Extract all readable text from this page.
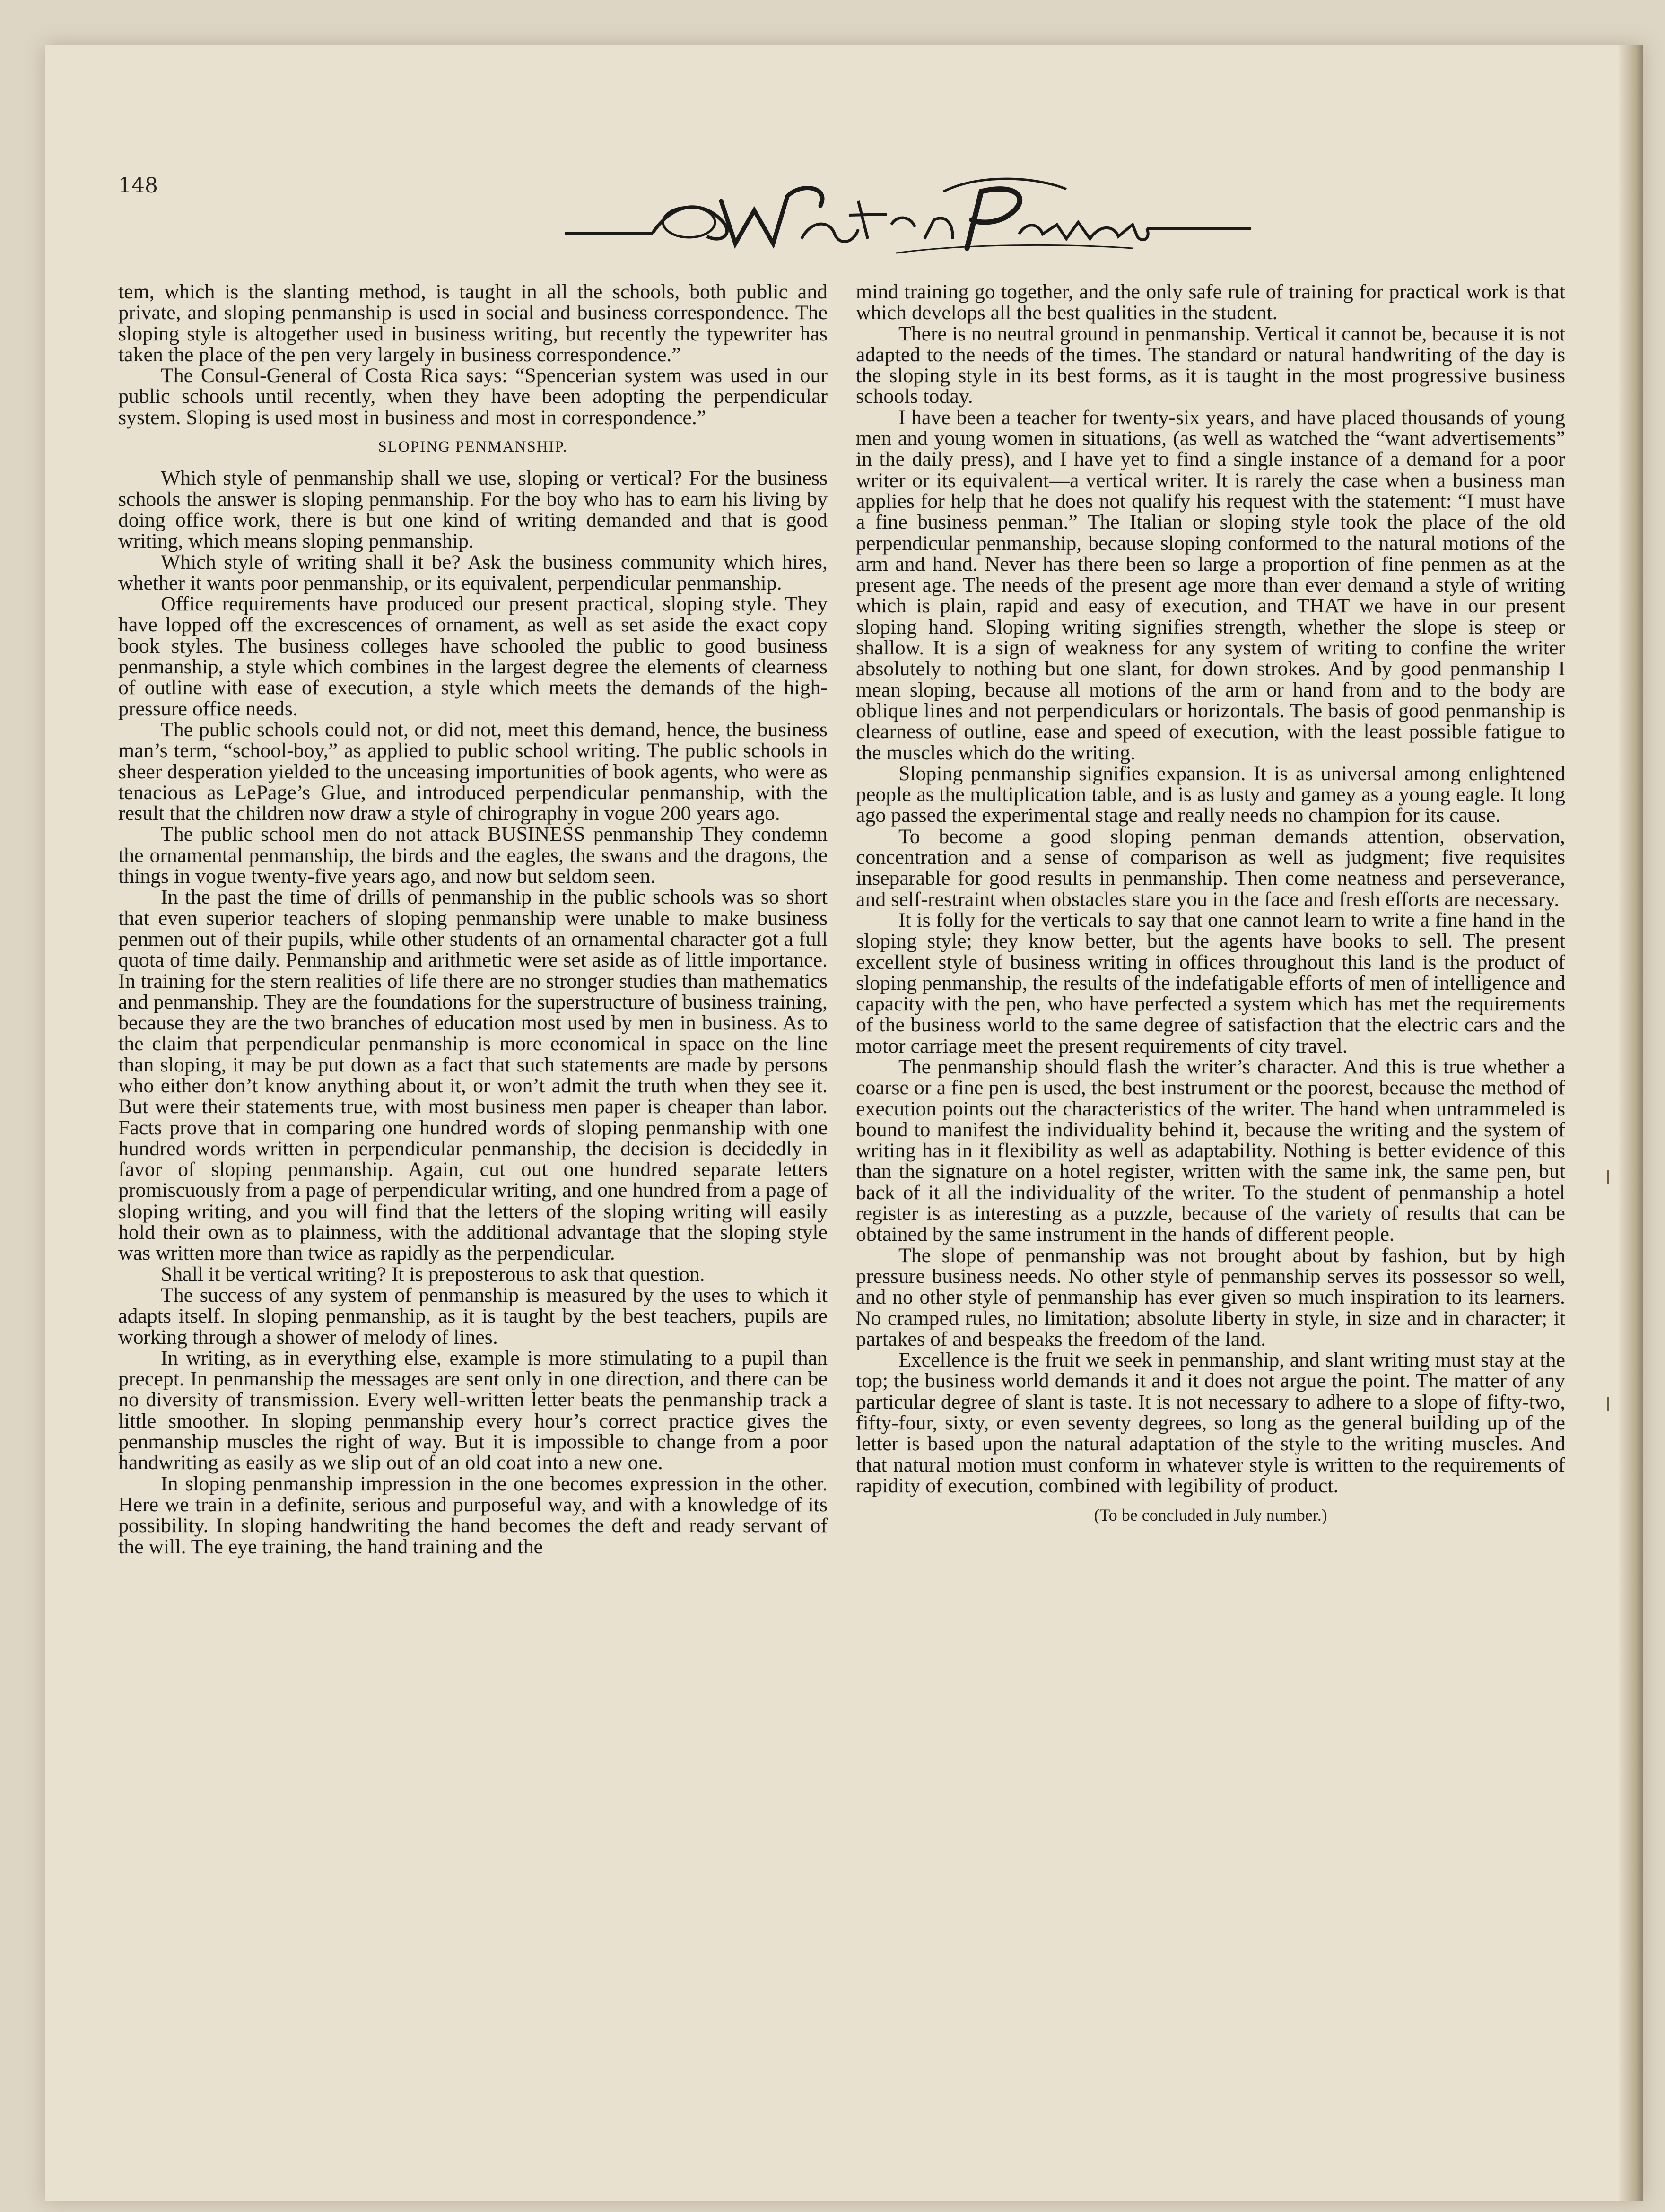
148

tem, which is the slanting method, is taught in all the schools, both public and private, and sloping penmanship is used in social and business correspondence. The sloping style is altogether used in business writing, but recently the typewriter has taken the place of the pen very largely in business correspondence.”

The Consul-General of Costa Rica says: “Spencerian system was used in our public schools until recently, when they have been adopting the perpendicular system. Sloping is used most in business and most in correspondence.”

SLOPING PENMANSHIP.

Which style of penmanship shall we use, sloping or vertical? For the business schools the answer is sloping penmanship. For the boy who has to earn his living by doing office work, there is but one kind of writing demanded and that is good writing, which means sloping penmanship.

Which style of writing shall it be? Ask the business community which hires, whether it wants poor penmanship, or its equivalent, perpendicular penmanship.

Office requirements have produced our present practical, sloping style. They have lopped off the excrescences of ornament, as well as set aside the exact copy book styles. The business colleges have schooled the public to good business penmanship, a style which combines in the largest degree the elements of clearness of outline with ease of execution, a style which meets the demands of the high-pressure office needs.

The public schools could not, or did not, meet this demand, hence, the business man’s term, “school-boy,” as applied to public school writing. The public schools in sheer desperation yielded to the unceasing importunities of book agents, who were as tenacious as LePage’s Glue, and introduced perpendicular penmanship, with the result that the children now draw a style of chirography in vogue 200 years ago.

The public school men do not attack BUSINESS penmanship They condemn the ornamental penmanship, the birds and the eagles, the swans and the dragons, the things in vogue twenty-five years ago, and now but seldom seen.

In the past the time of drills of penmanship in the public schools was so short that even superior teachers of sloping penmanship were unable to make business penmen out of their pupils, while other students of an ornamental character got a full quota of time daily. Penmanship and arithmetic were set aside as of little importance. In training for the stern realities of life there are no stronger studies than mathematics and penmanship. They are the foundations for the superstructure of business training, because they are the two branches of education most used by men in business. As to the claim that perpendicular penmanship is more economical in space on the line than sloping, it may be put down as a fact that such statements are made by persons who either don’t know anything about it, or won’t admit the truth when they see it. But were their statements true, with most business men paper is cheaper than labor. Facts prove that in comparing one hundred words of sloping penmanship with one hundred words written in perpendicular penmanship, the decision is decidedly in favor of sloping penmanship. Again, cut out one hundred separate letters promiscuously from a page of perpendicular writing, and one hundred from a page of sloping writing, and you will find that the letters of the sloping writing will easily hold their own as to plainness, with the additional advantage that the sloping style was written more than twice as rapidly as the perpendicular.

Shall it be vertical writing? It is preposterous to ask that question.

The success of any system of penmanship is measured by the uses to which it adapts itself. In sloping penmanship, as it is taught by the best teachers, pupils are working through a shower of melody of lines.

In writing, as in everything else, example is more stimulating to a pupil than precept. In penmanship the messages are sent only in one direction, and there can be no diversity of transmission. Every well-written letter beats the penmanship track a little smoother. In sloping penmanship every hour’s correct practice gives the penmanship muscles the right of way. But it is impossible to change from a poor handwriting as easily as we slip out of an old coat into a new one.

In sloping penmanship impression in the one becomes expression in the other. Here we train in a definite, serious and purposeful way, and with a knowledge of its possibility. In sloping handwriting the hand becomes the deft and ready servant of the will. The eye training, the hand training and the

mind training go together, and the only safe rule of training for practical work is that which develops all the best qualities in the student.

There is no neutral ground in penmanship. Vertical it cannot be, because it is not adapted to the needs of the times. The standard or natural handwriting of the day is the sloping style in its best forms, as it is taught in the most progressive business schools today.

I have been a teacher for twenty-six years, and have placed thousands of young men and young women in situations, (as well as watched the “want advertisements” in the daily press), and I have yet to find a single instance of a demand for a poor writer or its equivalent—a vertical writer. It is rarely the case when a business man applies for help that he does not qualify his request with the statement: “I must have a fine business penman.” The Italian or sloping style took the place of the old perpendicular penmanship, because sloping conformed to the natural motions of the arm and hand. Never has there been so large a proportion of fine penmen as at the present age. The needs of the present age more than ever demand a style of writing which is plain, rapid and easy of execution, and THAT we have in our present sloping hand. Sloping writing signifies strength, whether the slope is steep or shallow. It is a sign of weakness for any system of writing to confine the writer absolutely to nothing but one slant, for down strokes. And by good penmanship I mean sloping, because all motions of the arm or hand from and to the body are oblique lines and not perpendiculars or horizontals. The basis of good penmanship is clearness of outline, ease and speed of execution, with the least possible fatigue to the muscles which do the writing.

Sloping penmanship signifies expansion. It is as universal among enlightened people as the multiplication table, and is as lusty and gamey as a young eagle. It long ago passed the experimental stage and really needs no champion for its cause.

To become a good sloping penman demands attention, observation, concentration and a sense of comparison as well as judgment; five requisites inseparable for good results in penmanship. Then come neatness and perseverance, and self-restraint when obstacles stare you in the face and fresh efforts are necessary.

It is folly for the verticals to say that one cannot learn to write a fine hand in the sloping style; they know better, but the agents have books to sell. The present excellent style of business writing in offices throughout this land is the product of sloping penmanship, the results of the indefatigable efforts of men of intelligence and capacity with the pen, who have perfected a system which has met the requirements of the business world to the same degree of satisfaction that the electric cars and the motor carriage meet the present requirements of city travel.

The penmanship should flash the writer’s character. And this is true whether a coarse or a fine pen is used, the best instrument or the poorest, because the method of execution points out the characteristics of the writer. The hand when untrammeled is bound to manifest the individuality behind it, because the writing and the system of writing has in it flexibility as well as adaptability. Nothing is better evidence of this than the signature on a hotel register, written with the same ink, the same pen, but back of it all the individuality of the writer. To the student of penmanship a hotel register is as interesting as a puzzle, because of the variety of results that can be obtained by the same instrument in the hands of different people.

The slope of penmanship was not brought about by fashion, but by high pressure business needs. No other style of penmanship serves its possessor so well, and no other style of penmanship has ever given so much inspiration to its learners. No cramped rules, no limitation; absolute liberty in style, in size and in character; it partakes of and bespeaks the freedom of the land.

Excellence is the fruit we seek in penmanship, and slant writing must stay at the top; the business world demands it and it does not argue the point. The matter of any particular degree of slant is taste. It is not necessary to adhere to a slope of fifty-two, fifty-four, sixty, or even seventy degrees, so long as the general building up of the letter is based upon the natural adaptation of the style to the writing muscles. And that natural motion must conform in whatever style is written to the requirements of rapidity of execution, combined with legibility of product.

(To be concluded in July number.)
